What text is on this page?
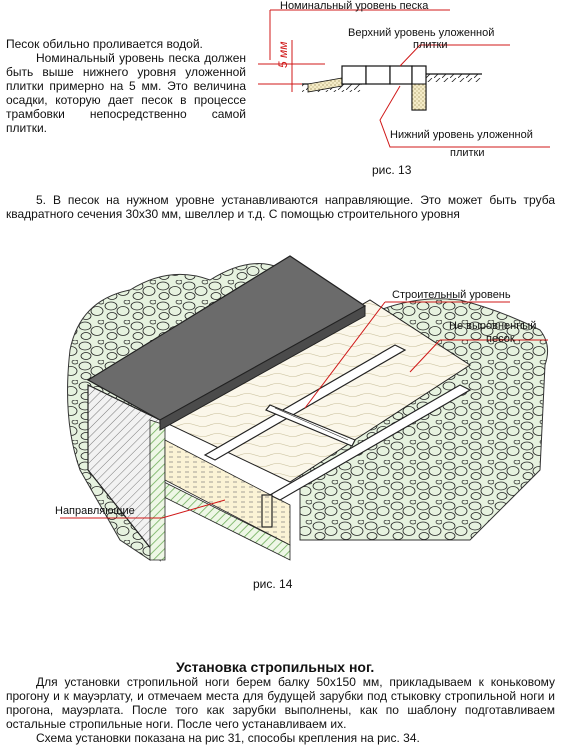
Песок обильно проливается водой.

Номинальный уровень песка должен быть выше нижнего уровня уложенной плитки примерно на 5 мм. Это величина осадки, которую дает песок в процессе трамбовки непосредственно самой плитки.

5 мм
Номинальный уровень песка
Верхний уровень уложенной
плитки
Нижний уровень уложенной
плитки
рис. 13
5. В песок на нужном уровне устанавливаются направляющие. Это может быть труба квадратного сечения 30х30 мм, швеллер и т.д. С помощью строительного уровня
Строительный уровень
Не выровненный
песок
Направляющие
рис. 14
Установка стропильных ног.

Для установки стропильной ноги берем балку 50х150 мм, прикладываем к коньковому прогону и к мауэрлату, и отмечаем места для будущей зарубки под стыковку стропильной ноги и прогона, мауэрлата. После того как зарубки выполнены, как по шаблону подготавливаем остальные стропильные ноги. После чего устанавливаем их.

Схема установки показана на рис 31, способы крепления на рис. 34.
